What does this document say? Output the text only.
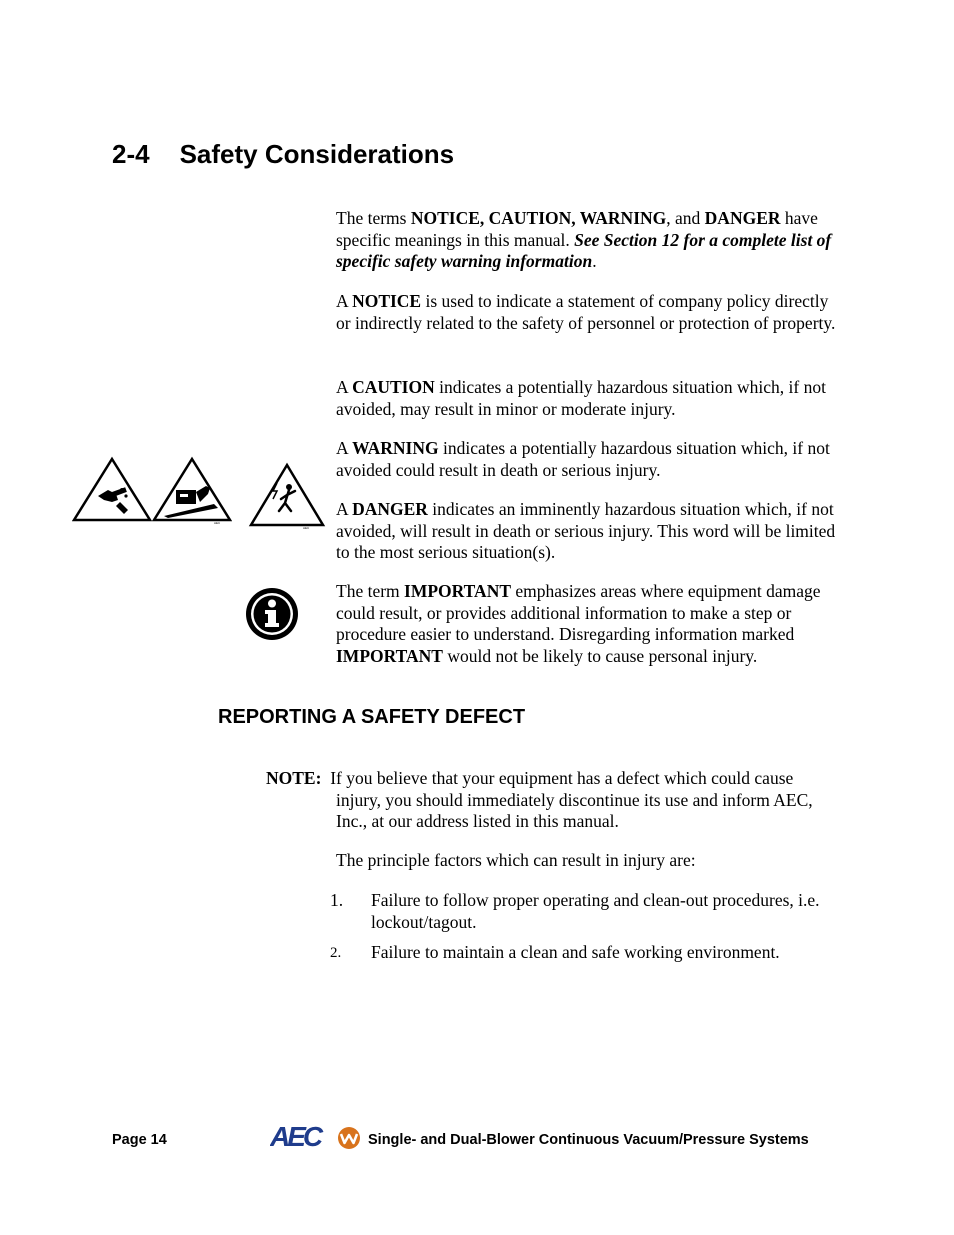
2-4 Safety Considerations

The terms NOTICE, CAUTION, WARNING, and DANGER have specific meanings in this manual. See Section 12 for a complete list of specific safety warning information.

A NOTICE is used to indicate a statement of company policy directly or indirectly related to the safety of personnel or protection of property.

A CAUTION indicates a potentially hazardous situation which, if not avoided, may result in minor or moderate injury.

A WARNING indicates a potentially hazardous situation which, if not avoided could result in death or serious injury.

A DANGER indicates an imminently hazardous situation which, if not avoided, will result in death or serious injury. This word will be limited to the most serious situation(s).

The term IMPORTANT emphasizes areas where equipment damage could result, or provides additional information to make a step or procedure easier to understand. Disregarding information marked IMPORTANT would not be likely to cause personal injury.

AEC
AEC
REPORTING A SAFETY DEFECT

NOTE: If you believe that your equipment has a defect which could cause injury, you should immediately discontinue its use and inform AEC, Inc., at our address listed in this manual.

The principle factors which can result in injury are:

1. Failure to follow proper operating and clean-out procedures, i.e. lockout/tagout.

2. Failure to maintain a clean and safe working environment.

Page 14	AEC	Single- and Dual-Blower Continuous Vacuum/Pressure Systems
